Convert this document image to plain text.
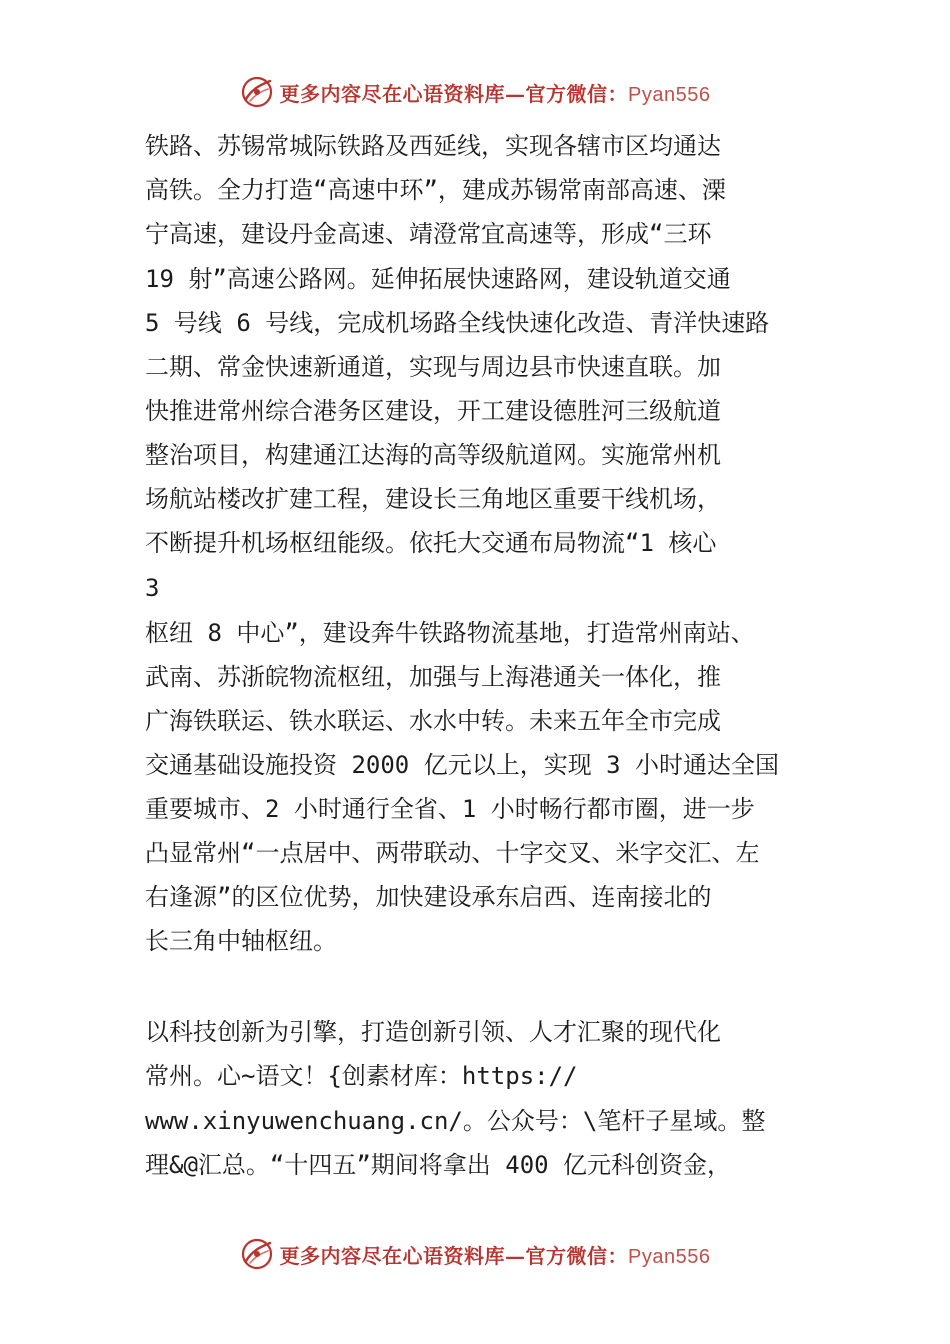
更多内容尽在心语资料库—官方微信：Pyan556
铁路、苏锡常城际铁路及西延线，实现各辖市区均通达
高铁。全力打造“高速中环”，建成苏锡常南部高速、溧
宁高速，建设丹金高速、靖澄常宜高速等，形成“三环
19 射”高速公路网。延伸拓展快速路网，建设轨道交通
5 号线 6 号线，完成机场路全线快速化改造、青洋快速路
二期、常金快速新通道，实现与周边县市快速直联。加
快推进常州综合港务区建设，开工建设德胜河三级航道
整治项目，构建通江达海的高等级航道网。实施常州机
场航站楼改扩建工程，建设长三角地区重要干线机场，
不断提升机场枢纽能级。依托大交通布局物流“1 核心
3
枢纽 8 中心”，建设奔牛铁路物流基地，打造常州南站、
武南、苏浙皖物流枢纽，加强与上海港通关一体化，推
广海铁联运、铁水联运、水水中转。未来五年全市完成
交通基础设施投资 2000 亿元以上，实现 3 小时通达全国
重要城市、2 小时通行全省、1 小时畅行都市圈，进一步
凸显常州“一点居中、两带联动、十字交叉、米字交汇、左
右逢源”的区位优势，加快建设承东启西、连南接北的
长三角中轴枢纽。
以科技创新为引擎，打造创新引领、人才汇聚的现代化
常州。心~语文！{创素材库：https://
www.xinyuwenchuang.cn/。公众号：\笔杆子星域。整
理&@汇总。“十四五”期间将拿出 400 亿元科创资金，
更多内容尽在心语资料库—官方微信：Pyan556
